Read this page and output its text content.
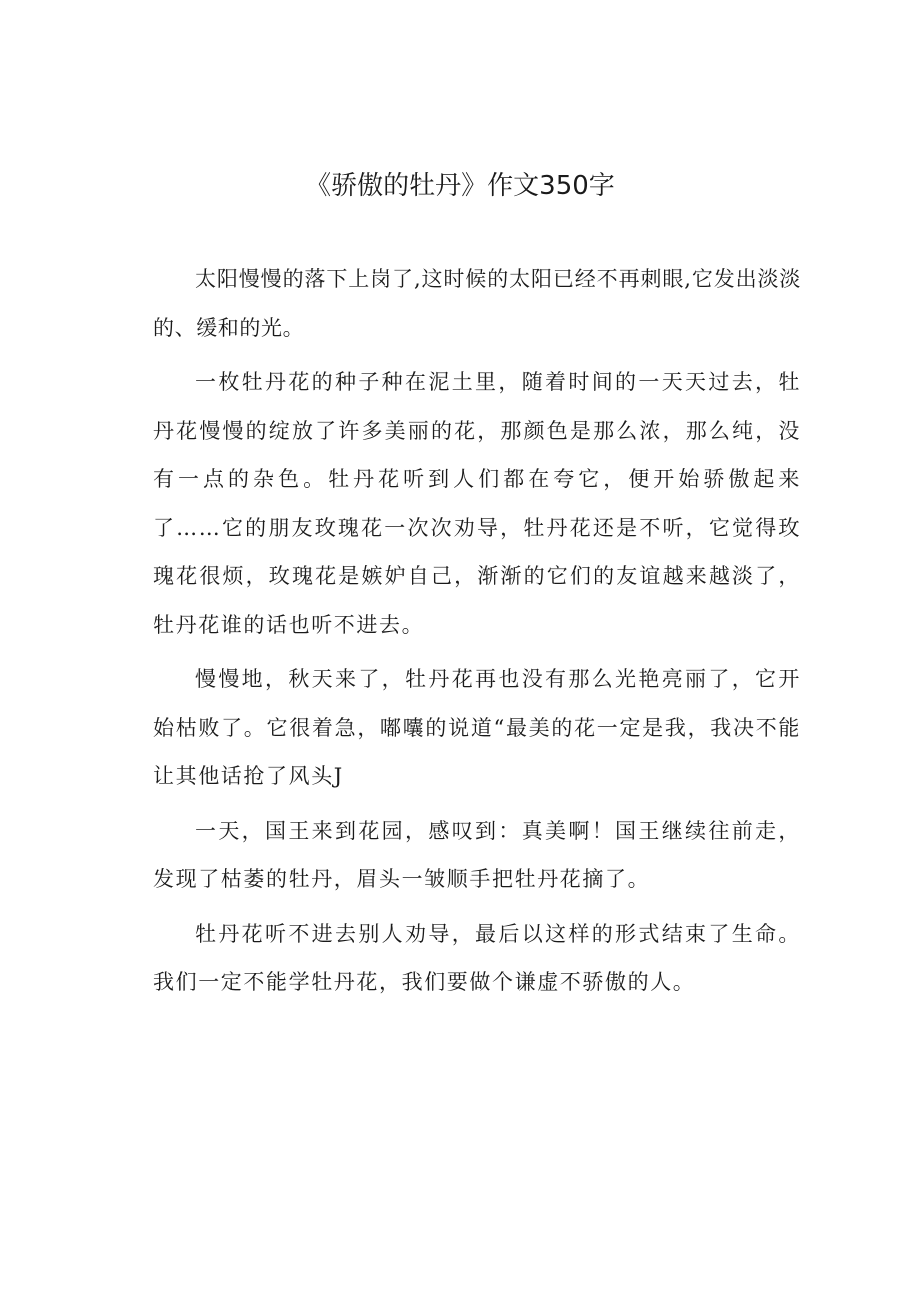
《骄傲的牡丹》作文350字

太阳慢慢的落下上岗了,这时候的太阳已经不再刺眼,它发出淡淡的、缓和的光。

一枚牡丹花的种子种在泥土里，随着时间的一天天过去，牡丹花慢慢的绽放了许多美丽的花，那颜色是那么浓，那么纯，没有一点的杂色。牡丹花听到人们都在夸它，便开始骄傲起来了……它的朋友玫瑰花一次次劝导，牡丹花还是不听，它觉得玫瑰花很烦，玫瑰花是嫉妒自己，渐渐的它们的友谊越来越淡了，牡丹花谁的话也听不进去。

慢慢地，秋天来了，牡丹花再也没有那么光艳亮丽了，它开始枯败了。它很着急，嘟囔的说道“最美的花一定是我，我决不能让其他话抢了风头J

一天，国王来到花园，感叹到：真美啊！国王继续往前走，发现了枯萎的牡丹，眉头一皱顺手把牡丹花摘了。

牡丹花听不进去别人劝导，最后以这样的形式结束了生命。我们一定不能学牡丹花，我们要做个谦虚不骄傲的人。
